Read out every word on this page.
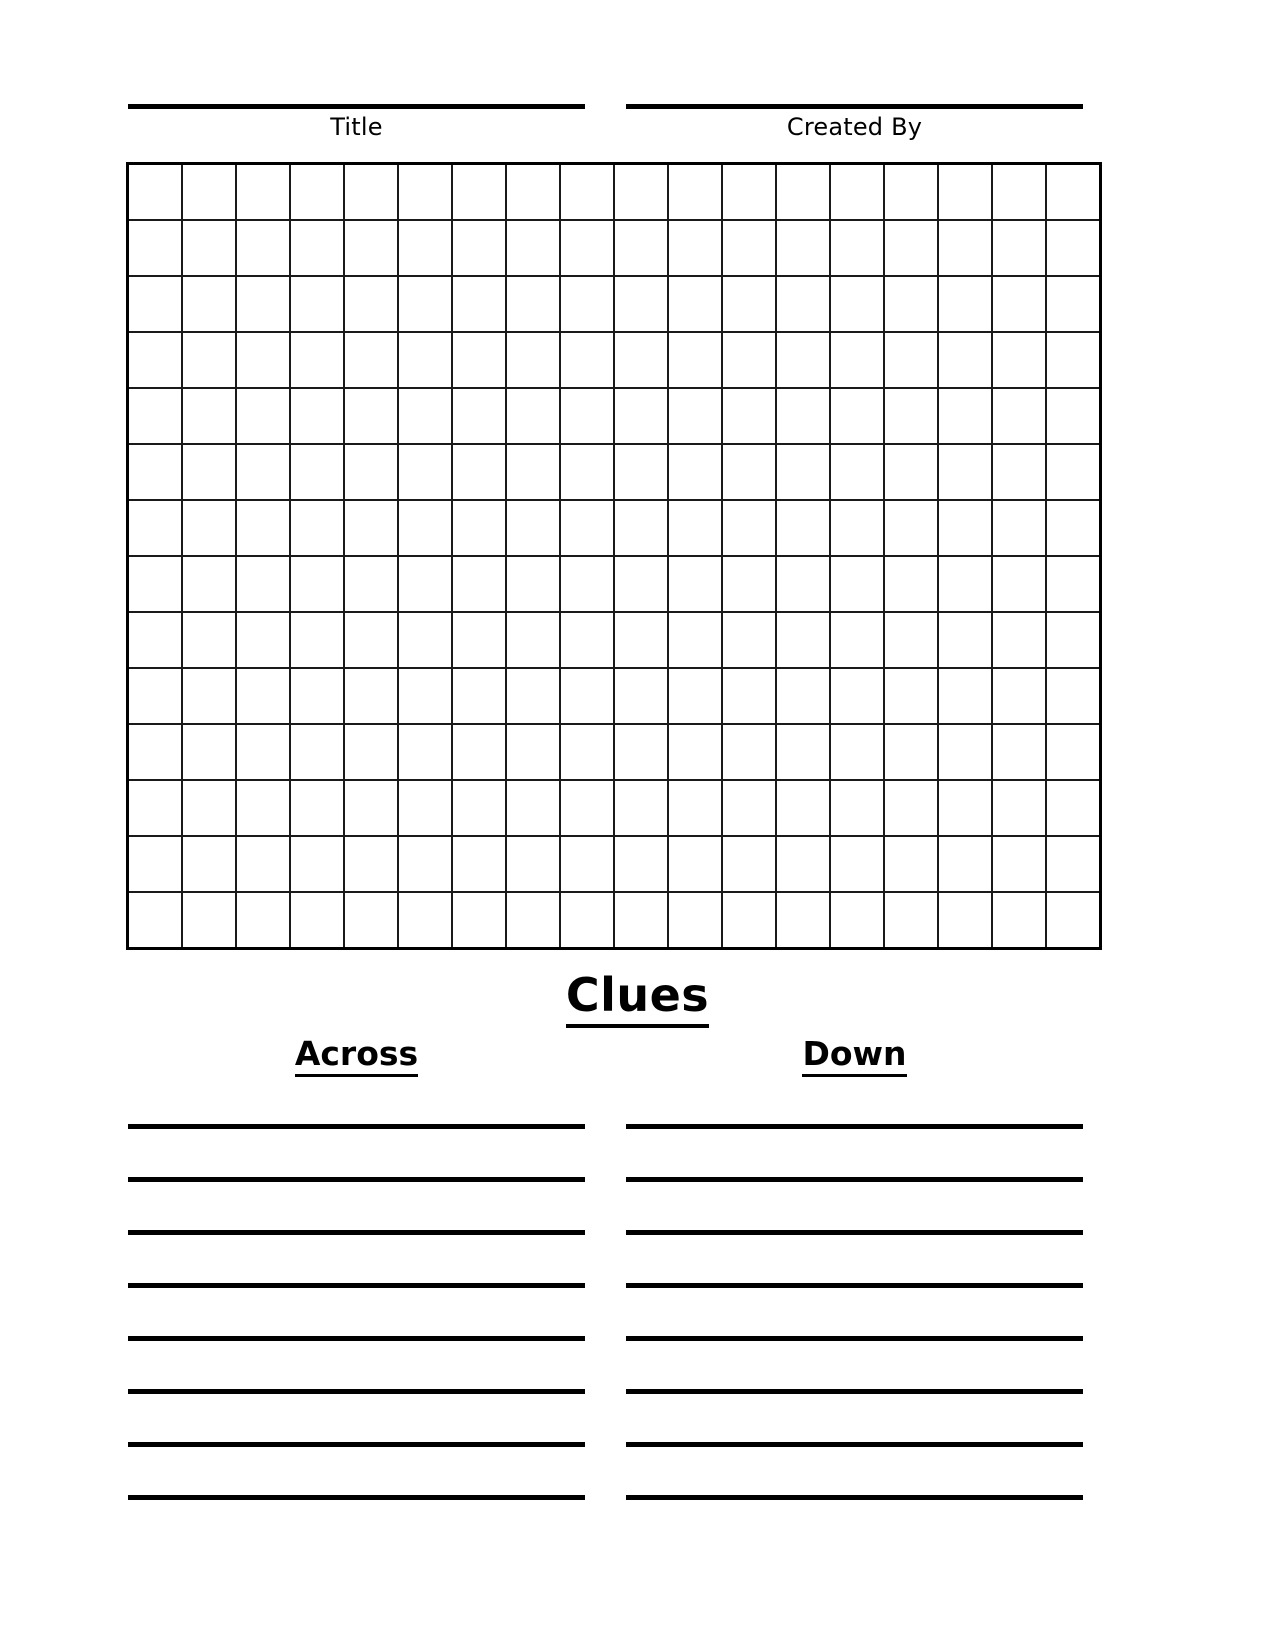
Title	Created By

Clues
Across	Down
